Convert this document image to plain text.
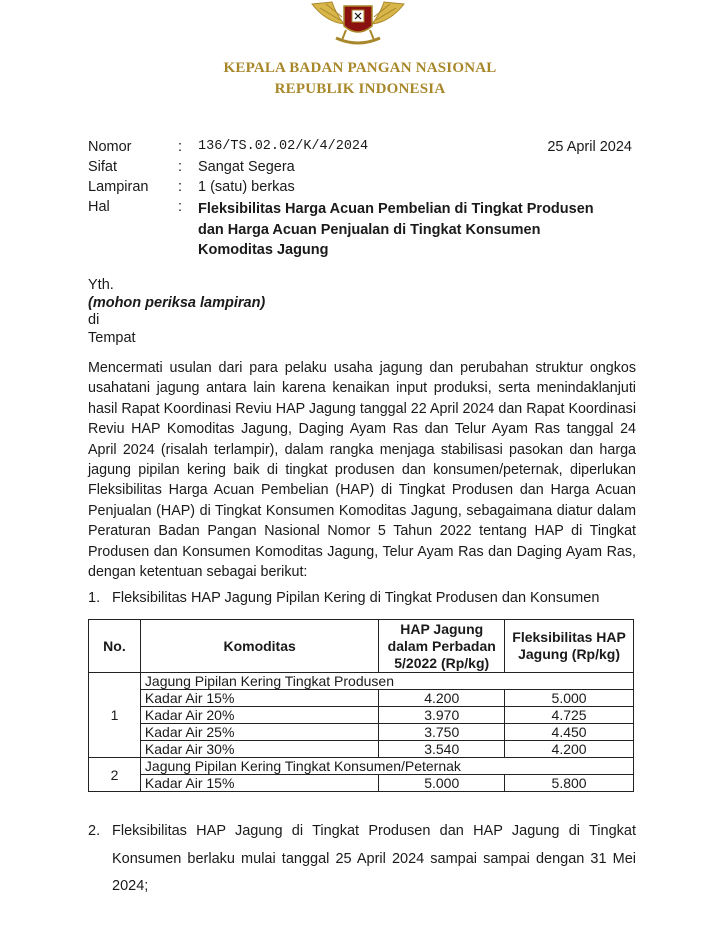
KEPALA BADAN PANGAN NASIONAL
REPUBLIK INDONESIA
Nomor	: 136/TS.02.02/K/4/2024	25 April 2024
Sifat	: Sangat Segera
Lampiran : 1 (satu) berkas
Hal	: Fleksibilitas Harga Acuan Pembelian di Tingkat Produsen dan Harga Acuan Penjualan di Tingkat Konsumen Komoditas Jagung
Yth.
(mohon periksa lampiran)
di
Tempat
Mencermati usulan dari para pelaku usaha jagung dan perubahan struktur ongkos usahatani jagung antara lain karena kenaikan input produksi, serta menindaklanjuti hasil Rapat Koordinasi Reviu HAP Jagung tanggal 22 April 2024 dan Rapat Koordinasi Reviu HAP Komoditas Jagung, Daging Ayam Ras dan Telur Ayam Ras tanggal 24 April 2024 (risalah terlampir), dalam rangka menjaga stabilisasi pasokan dan harga jagung pipilan kering baik di tingkat produsen dan konsumen/peternak, diperlukan Fleksibilitas Harga Acuan Pembelian (HAP) di Tingkat Produsen dan Harga Acuan Penjualan (HAP) di Tingkat Konsumen Komoditas Jagung, sebagaimana diatur dalam Peraturan Badan Pangan Nasional Nomor 5 Tahun 2022 tentang HAP di Tingkat Produsen dan Konsumen Komoditas Jagung, Telur Ayam Ras dan Daging Ayam Ras, dengan ketentuan sebagai berikut:
1. Fleksibilitas HAP Jagung Pipilan Kering di Tingkat Produsen dan Konsumen
No.	Komoditas	HAP Jagung dalam Perbadan 5/2022 (Rp/kg)	Fleksibilitas HAP Jagung (Rp/kg)
1	Jagung Pipilan Kering Tingkat Produsen		
	Kadar Air 15%	4.200	5.000
	Kadar Air 20%	3.970	4.725
	Kadar Air 25%	3.750	4.450
	Kadar Air 30%	3.540	4.200
2	Jagung Pipilan Kering Tingkat Konsumen/Peternak		
	Kadar Air 15%	5.000	5.800
2. Fleksibilitas HAP Jagung di Tingkat Produsen dan HAP Jagung di Tingkat Konsumen berlaku mulai tanggal 25 April 2024 sampai sampai dengan 31 Mei 2024;
